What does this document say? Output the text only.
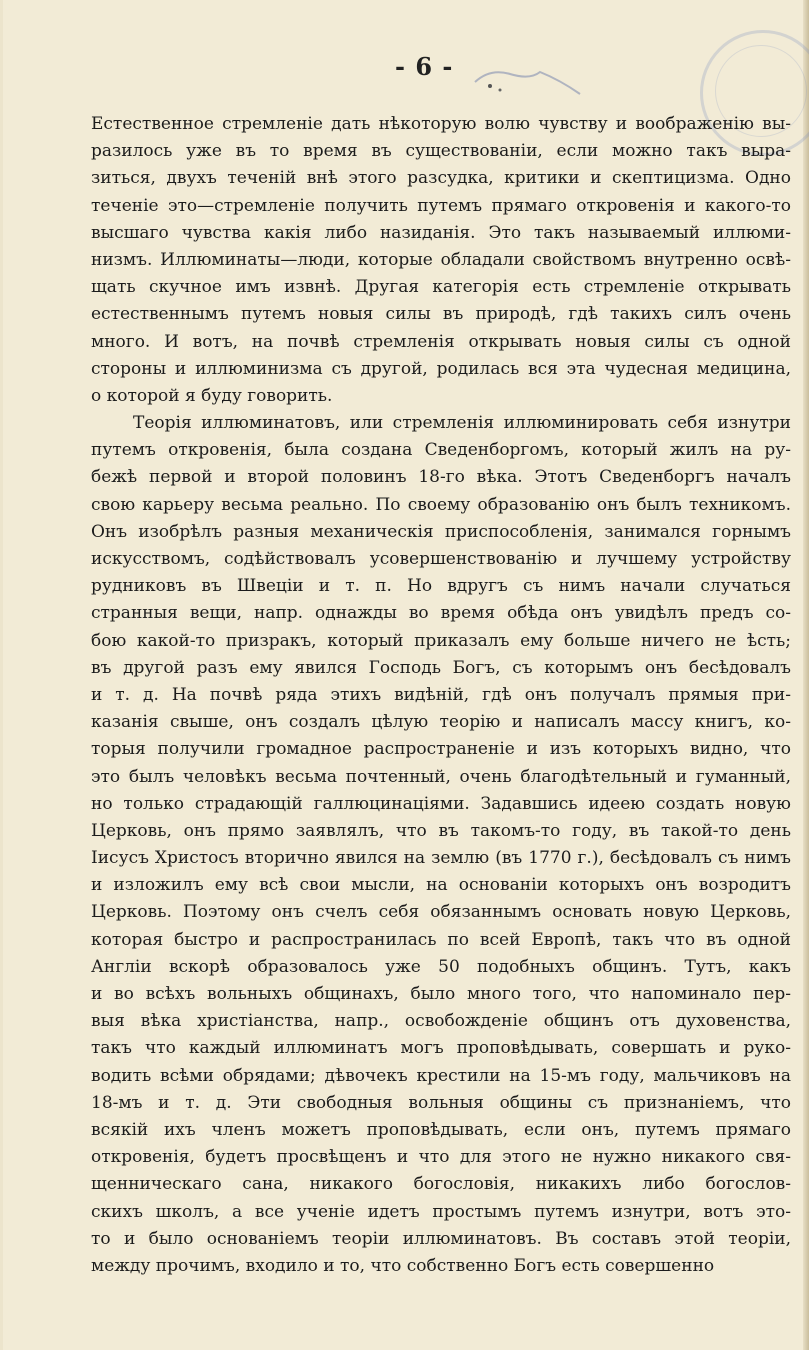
- 6 -
Естественное стремленіе дать нѣкоторую волю чувству и воображенію вы-
разилось уже въ то время въ существованіи, если можно такъ выра-
зиться, двухъ теченій внѣ этого разсудка, критики и скептицизма. Одно
теченіе это—стремленіе получить путемъ прямаго откровенія и какого-то
высшаго чувства какія либо назиданія. Это такъ называемый иллюми-
низмъ. Иллюминаты—люди, которые обладали свойствомъ внутренно освѣ-
щать скучное имъ извнѣ. Другая категорія есть стремленіе открывать
естественнымъ путемъ новыя силы въ природѣ, гдѣ такихъ силъ очень
много. И вотъ, на почвѣ стремленія открывать новыя силы съ одной
стороны и иллюминизма съ другой, родилась вся эта чудесная медицина,
о которой я буду говорить.
Теорія иллюминатовъ, или стремленія иллюминировать себя изнутри
путемъ откровенія, была создана Сведенборгомъ, который жилъ на ру-
бежѣ первой и второй половинъ 18-го вѣка. Этотъ Сведенборгъ началъ
свою карьеру весьма реально. По своему образованію онъ былъ техникомъ.
Онъ изобрѣлъ разныя механическія приспособленія, занимался горнымъ
искусствомъ, содѣйствовалъ усовершенствованію и лучшему устройству
рудниковъ въ Швеціи и т. п. Но вдругъ съ нимъ начали случаться
странныя вещи, напр. однажды во время обѣда онъ увидѣлъ предъ со-
бою какой-то призракъ, который приказалъ ему больше ничего не ѣсть;
въ другой разъ ему явился Господь Богъ, съ которымъ онъ бесѣдовалъ
и т. д. На почвѣ ряда этихъ видѣній, гдѣ онъ получалъ прямыя при-
казанія свыше, онъ создалъ цѣлую теорію и написалъ массу книгъ, ко-
торыя получили громадное распространеніе и изъ которыхъ видно, что
это былъ человѣкъ весьма почтенный, очень благодѣтельный и гуманный,
но только страдающій галлюцинаціями. Задавшись идеею создать новую
Церковь, онъ прямо заявлялъ, что въ такомъ-то году, въ такой-то день
Іисусъ Христосъ вторично явился на землю (въ 1770 г.), бесѣдовалъ съ нимъ
и изложилъ ему всѣ свои мысли, на основаніи которыхъ онъ возродитъ
Церковь. Поэтому онъ счелъ себя обязаннымъ основать новую Церковь,
которая быстро и распространилась по всей Европѣ, такъ что въ одной
Англіи вскорѣ образовалось уже 50 подобныхъ общинъ. Тутъ, какъ
и во всѣхъ вольныхъ общинахъ, было много того, что напоминало пер-
выя вѣка христіанства, напр., освобожденіе общинъ отъ духовенства,
такъ что каждый иллюминатъ могъ проповѣдывать, совершать и руко-
водить всѣми обрядами; дѣвочекъ крестили на 15-мъ году, мальчиковъ на
18-мъ и т. д. Эти свободныя вольныя общины съ признаніемъ, что
всякій ихъ членъ можетъ проповѣдывать, если онъ, путемъ прямаго
откровенія, будетъ просвѣщенъ и что для этого не нужно никакого свя-
щенническаго сана, никакого богословія, никакихъ либо богослов-
скихъ школъ, а все ученіе идетъ простымъ путемъ изнутри, вотъ это-
то и было основаніемъ теоріи иллюминатовъ. Въ составъ этой теоріи,
между прочимъ, входило и то, что собственно Богъ есть совершенно
